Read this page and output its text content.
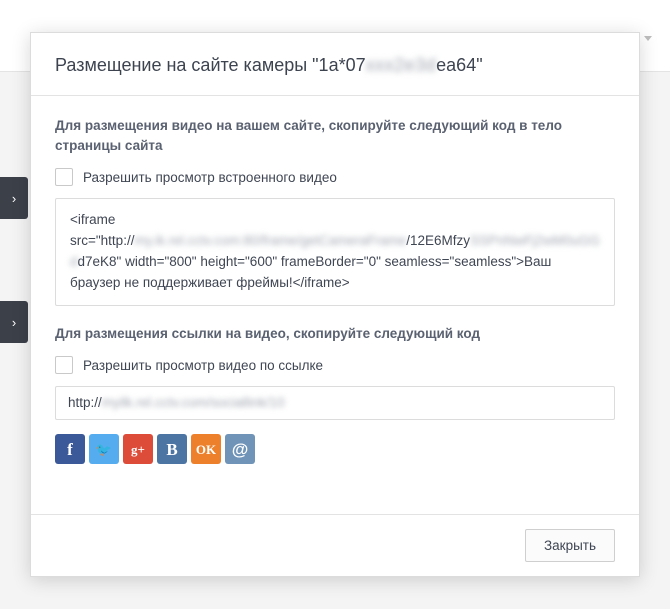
›
›
Размещение на сайте камеры "1a*07xxx2e3dea64"

Для размещения видео на вашем сайте, скопируйте следующий код в тело страницы сайта

Разрешить просмотр встроенного видео
<iframe src="http://my.ik.rel.cctv.com:80/frame/getCameraFrame/12E6MfzySSPnNwFj2wM0uGGdd7eK8" width="800" height="600" frameBorder="0" seamless="seamless">Ваш браузер не поддерживает фреймы!</iframe>

Для размещения ссылки на видео, скопируйте следующий код

Разрешить просмотр видео по ссылке
http:// myilk.rel.cctv.com/sociallink/10
f	🐦	g+	B	OK @
Закрыть
